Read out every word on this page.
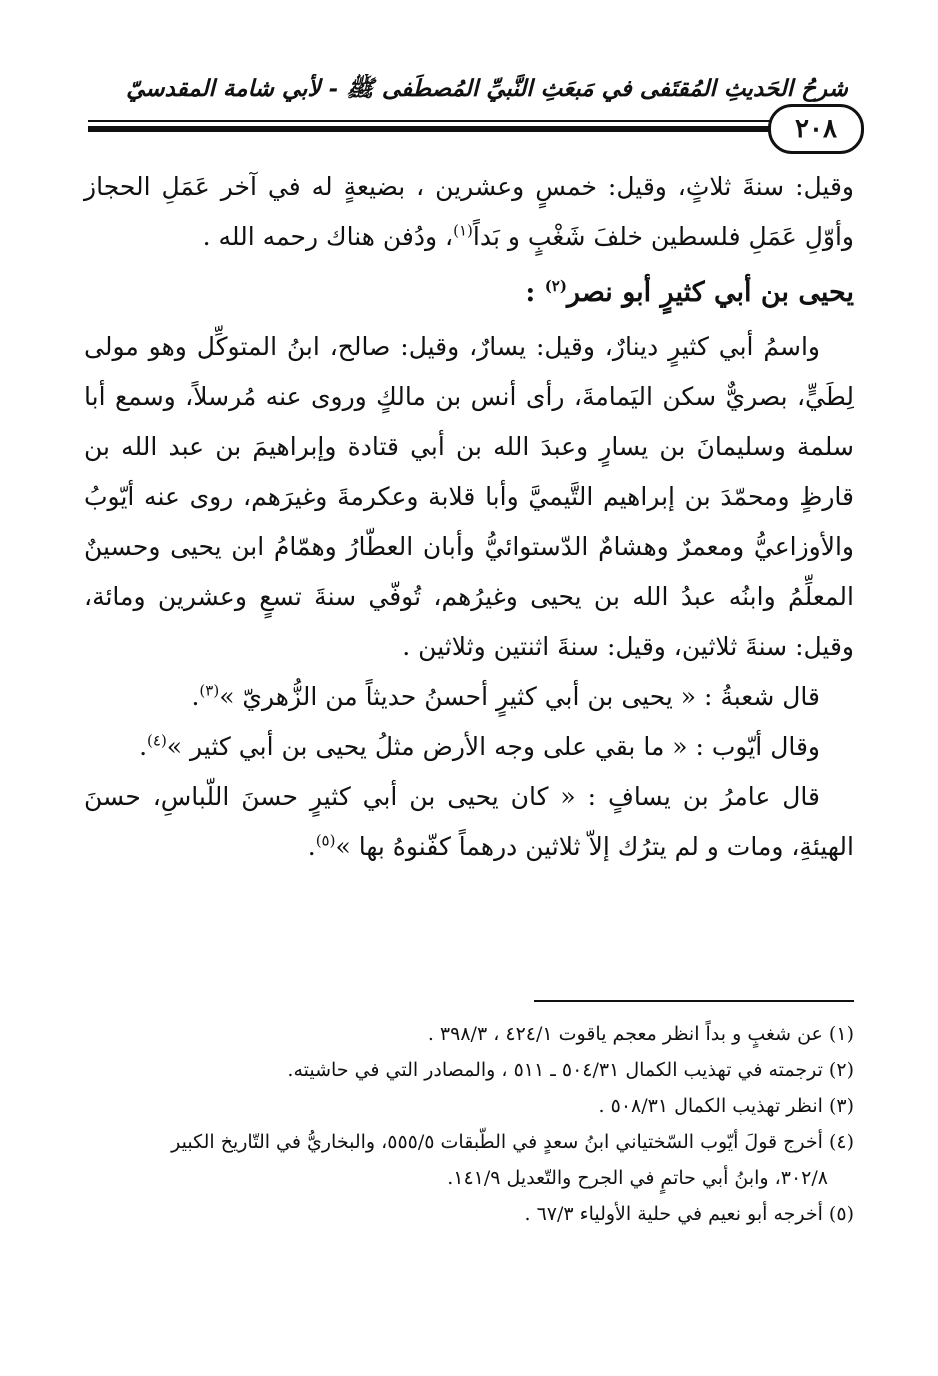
شرحُ الحَديثِ المُقتَفى في مَبعَثِ النَّبيِّ المُصطَفى ﷺ - لأبي شامة المقدسيّ
٢٠٨

وقيل: سنةَ ثلاثٍ، وقيل: خمسٍ وعشرين ، بضيعةٍ له في آخر عَمَلِ الحجاز وأوّلِ عَمَلِ فلسطين خلفَ شَغْبٍ و بَداً$^{(١)}$، ودُفن هناك رحمه الله .

يحيى بن أبي كثيرٍ أبو نصر$^{(٢)}$ :

واسمُ أبي كثيرٍ دينارٌ، وقيل: يسارٌ، وقيل: صالح، ابنُ المتوكِّل وهو مولى لِطَيٍّ، بصريٌّ سكن اليَمامةَ، رأى أنس بن مالكٍ وروى عنه مُرسلاً، وسمع أبا سلمة وسليمانَ بن يسارٍ وعبدَ الله بن أبي قتادة وإبراهيمَ بن عبد الله بن قارظٍ ومحمّدَ بن إبراهيم التَّيميَّ وأبا قلابة وعكرمةَ وغيرَهم، روى عنه أيّوبُ والأوزاعيُّ ومعمرٌ وهشامٌ الدّستوائيُّ وأبان العطّارُ وهمّامُ ابن يحيى وحسينٌ المعلِّمُ وابنُه عبدُ الله بن يحيى وغيرُهم، تُوفّي سنةَ تسعٍ وعشرين ومائة، وقيل: سنةَ ثلاثين، وقيل: سنةَ اثنتين وثلاثين .

قال شعبةُ : « يحيى بن أبي كثيرٍ أحسنُ حديثاً من الزُّهريّ »$^{(٣)}$.

وقال أيّوب : « ما بقي على وجه الأرض مثلُ يحيى بن أبي كثير »$^{(٤)}$.

قال عامرُ بن يسافٍ : « كان يحيى بن أبي كثيرٍ حسنَ اللّباسِ، حسنَ الهيئةِ، ومات و لم يترُك إلاّ ثلاثين درهماً كفّنوهُ بها »$^{(٥)}$.

(١) عن شغبٍ و بداً انظر معجم ياقوت ٤٢٤/١ ، ٣٩٨/٣ .

(٢) ترجمته في تهذيب الكمال ٥٠٤/٣١ ـ ٥١١ ، والمصادر التي في حاشيته.

(٣) انظر تهذيب الكمال ٥٠٨/٣١ .

(٤) أخرج قولَ أيّوب السّختياني ابنُ سعدٍ في الطّبقات ٥٥٥/٥، والبخاريُّ في التّاريخ الكبير

٣٠٢/٨، وابنُ أبي حاتمٍ في الجرح والتّعديل ١٤١/٩.

(٥) أخرجه أبو نعيم في حلية الأولياء ٦٧/٣ .
